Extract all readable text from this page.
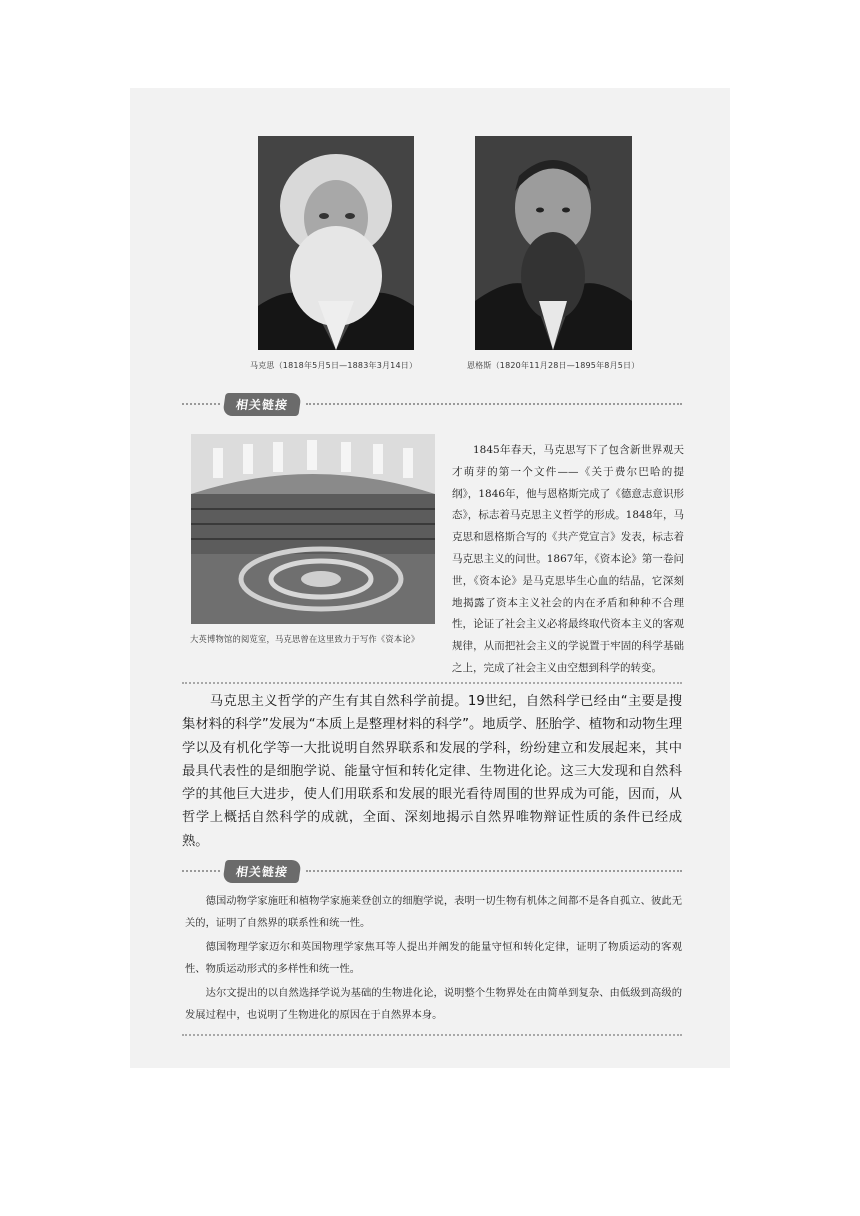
马克思（1818年5月5日—1883年3月14日）	恩格斯（1820年11月28日—1895年8月5日）
相关链接
大英博物馆的阅览室，马克思曾在这里致力于写作《资本论》
1845年春天，马克思写下了包含新世界观天才萌芽的第一个文件——《关于费尔巴哈的提纲》，1846年，他与恩格斯完成了《德意志意识形态》，标志着马克思主义哲学的形成。1848年，马克思和恩格斯合写的《共产党宣言》发表，标志着马克思主义的问世。1867年，《资本论》第一卷问世，《资本论》是马克思毕生心血的结晶，它深刻地揭露了资本主义社会的内在矛盾和种种不合理性，论证了社会主义必将最终取代资本主义的客观规律，从而把社会主义的学说置于牢固的科学基础之上，完成了社会主义由空想到科学的转变。
马克思主义哲学的产生有其自然科学前提。19世纪，自然科学已经由“主要是搜集材料的科学”发展为“本质上是整理材料的科学”。地质学、胚胎学、植物和动物生理学以及有机化学等一大批说明自然界联系和发展的学科，纷纷建立和发展起来，其中最具代表性的是细胞学说、能量守恒和转化定律、生物进化论。这三大发现和自然科学的其他巨大进步，使人们用联系和发展的眼光看待周围的世界成为可能，因而，从哲学上概括自然科学的成就，全面、深刻地揭示自然界唯物辩证性质的条件已经成熟。
相关链接

德国动物学家施旺和植物学家施莱登创立的细胞学说，表明一切生物有机体之间都不是各自孤立、彼此无关的，证明了自然界的联系性和统一性。

德国物理学家迈尔和英国物理学家焦耳等人提出并阐发的能量守恒和转化定律，证明了物质运动的客观性、物质运动形式的多样性和统一性。

达尔文提出的以自然选择学说为基础的生物进化论，说明整个生物界处在由简单到复杂、由低级到高级的发展过程中，也说明了生物进化的原因在于自然界本身。
